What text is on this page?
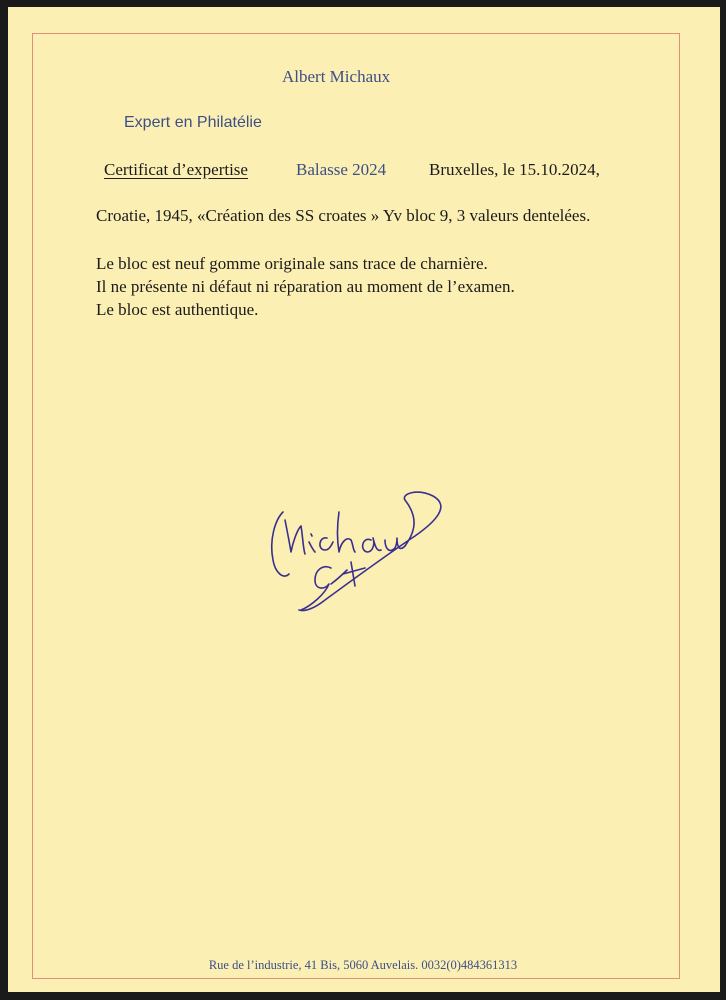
Albert Michaux
Expert en Philatélie
Certificat d’expertise	Balasse 2024	Bruxelles, le 15.10.2024,
Croatie, 1945, «Création des SS croates » Yv bloc 9, 3 valeurs dentelées.
Le bloc est neuf gomme originale sans trace de charnière.
Il ne présente ni défaut ni réparation au moment de l’examen.
Le bloc est authentique.
Rue de l’industrie, 41 Bis, 5060 Auvelais. 0032(0)484361313
